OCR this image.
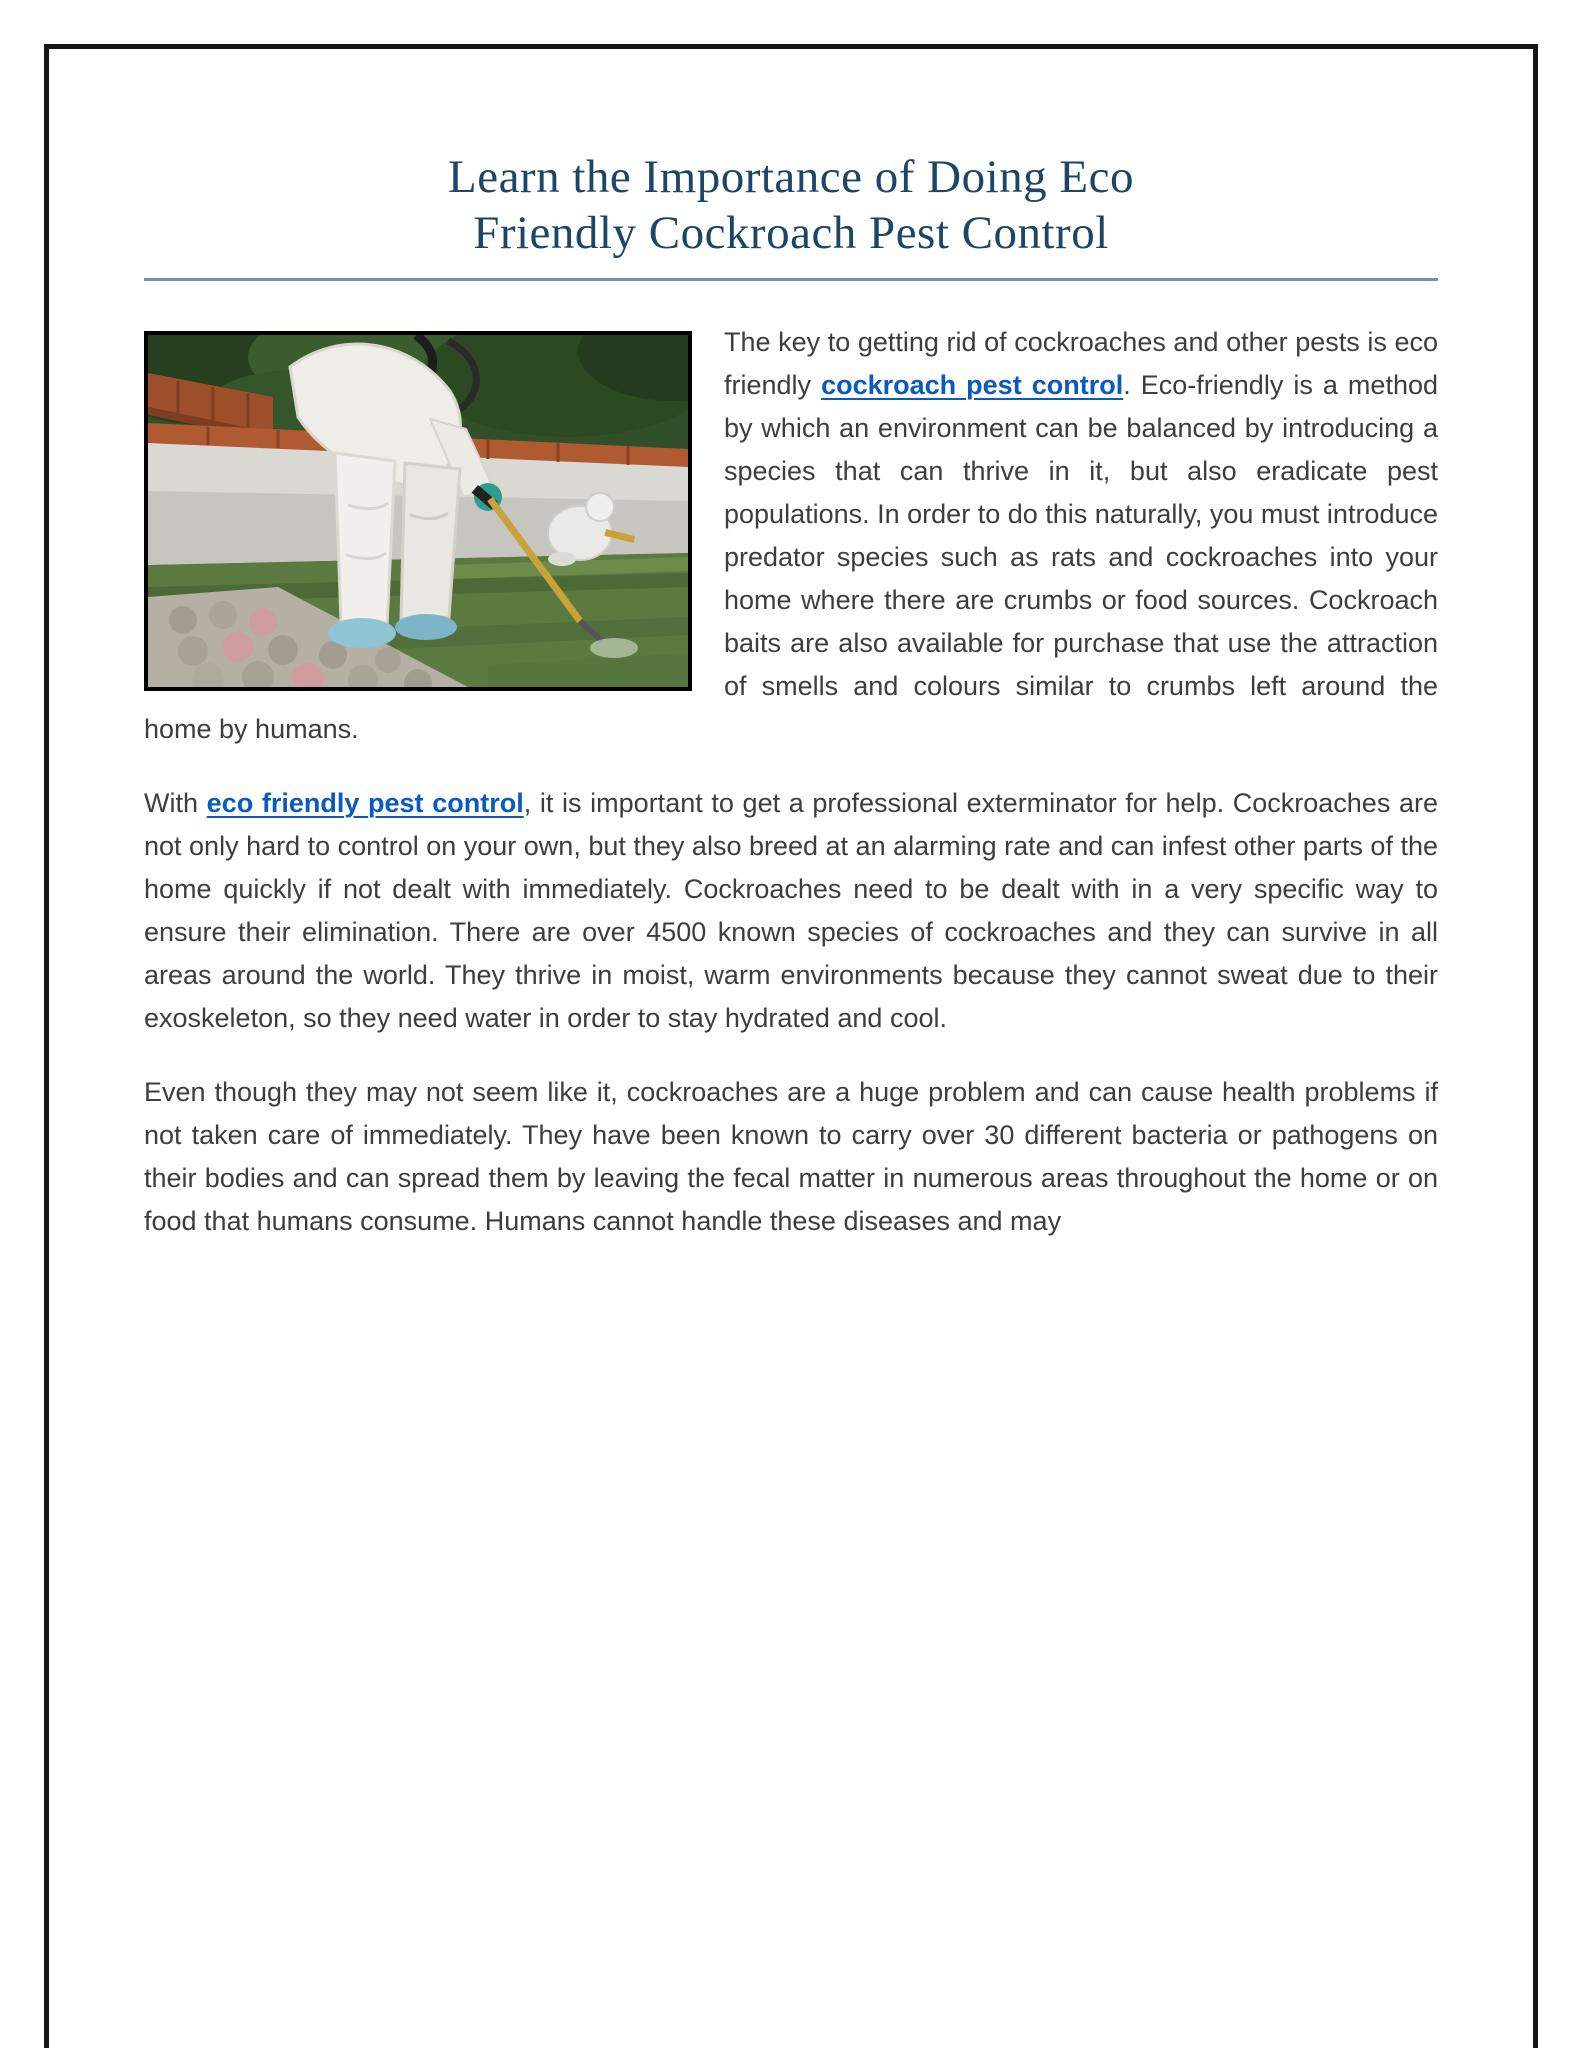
Learn the Importance of Doing Eco
Friendly Cockroach Pest Control

The key to getting rid of cockroaches and other pests is eco friendly cockroach pest control. Eco-friendly is a method by which an environment can be balanced by introducing a species that can thrive in it, but also eradicate pest populations. In order to do this naturally, you must introduce predator species such as rats and cockroaches into your home where there are crumbs or food sources. Cockroach baits are also available for purchase that use the attraction of smells and colours similar to crumbs left around the home by humans.

With eco friendly pest control, it is important to get a professional exterminator for help. Cockroaches are not only hard to control on your own, but they also breed at an alarming rate and can infest other parts of the home quickly if not dealt with immediately. Cockroaches need to be dealt with in a very specific way to ensure their elimination. There are over 4500 known species of cockroaches and they can survive in all areas around the world. They thrive in moist, warm environments because they cannot sweat due to their exoskeleton, so they need water in order to stay hydrated and cool.

Even though they may not seem like it, cockroaches are a huge problem and can cause health problems if not taken care of immediately. They have been known to carry over 30 different bacteria or pathogens on their bodies and can spread them by leaving the fecal matter in numerous areas throughout the home or on food that humans consume. Humans cannot handle these diseases and may
